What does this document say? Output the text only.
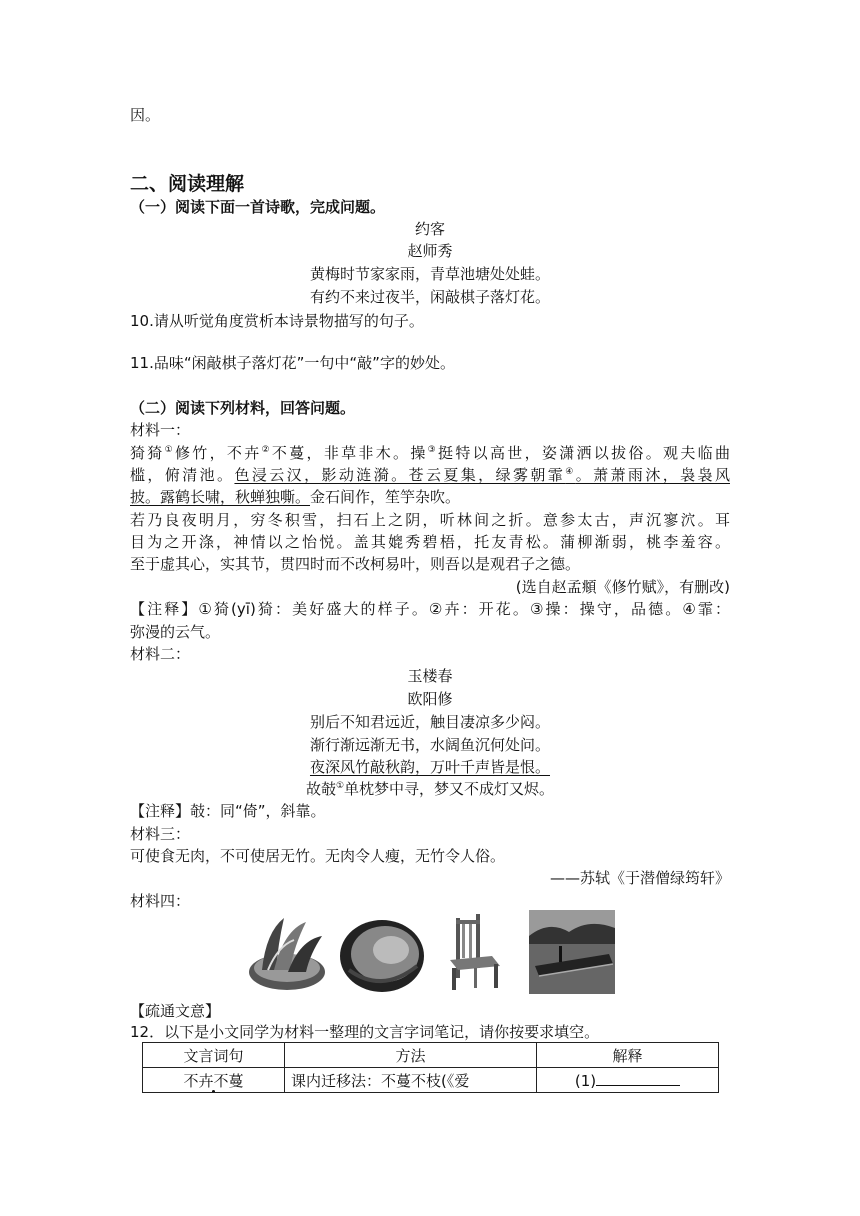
因。
二、阅读理解
（一）阅读下面一首诗歌，完成问题。
约客
赵师秀
黄梅时节家家雨，青草池塘处处蛙。
有约不来过夜半，闲敲棋子落灯花。
10.请从听觉角度赏析本诗景物描写的句子。
11.品味“闲敲棋子落灯花”一句中“敲”字的妙处。
（二）阅读下列材料，回答问题。
材料一：
猗猗①修竹，不卉②不蔓，非草非木。操③挺特以高世，姿潇洒以拔俗。观夫临曲
槛，俯清池。色浸云汉，影动涟漪。苍云夏集，绿雾朝霏④。萧萧雨沐，袅袅风
披。露鹤长啸，秋蝉独嘶。金石间作，笙竽杂吹。
若乃良夜明月，穷冬积雪，扫石上之阴，听林间之折。意参太古，声沉寥泬。耳
目为之开涤，神情以之怡悦。盖其媲秀碧梧，托友青松。蒲柳渐弱，桃李羞容。
至于虚其心，实其节，贯四时而不改柯易叶，则吾以是观君子之德。
(选自赵孟頫《修竹赋》，有删改)
【注释】①猗(yī)猗：美好盛大的样子。②卉：开花。③操：操守，品德。④霏：
弥漫的云气。
材料二：
玉楼春
欧阳修
别后不知君远近，触目凄凉多少闷。
渐行渐远渐无书，水阔鱼沉何处问。
夜深风竹敲秋韵，万叶千声皆是恨。
故攲①单枕梦中寻，梦又不成灯又烬。
【注释】攲：同“倚”，斜靠。
材料三：
可使食无肉，不可使居无竹。无肉令人瘦，无竹令人俗。
——苏轼《于潜僧绿筠轩》
材料四：
【疏通文意】
12．以下是小文同学为材料一整理的文言字词笔记，请你按要求填空。
文言词句	方法	解释
不卉不蔓	课内迁移法：不蔓不枝(《爱	(1)
